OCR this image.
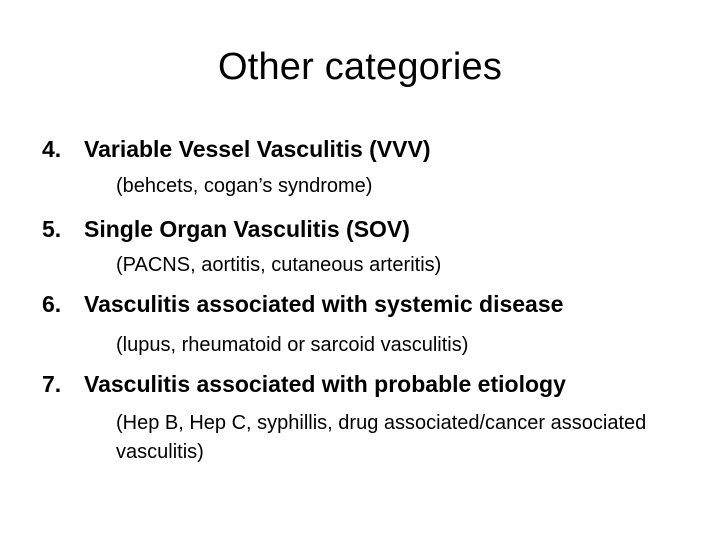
Other categories
4. Variable Vessel Vasculitis (VVV)
(behcets, cogan’s syndrome)
5. Single Organ Vasculitis (SOV)
(PACNS, aortitis, cutaneous arteritis)
6. Vasculitis associated with systemic disease
(lupus, rheumatoid or sarcoid vasculitis)
7. Vasculitis associated with probable etiology
(Hep B, Hep C, syphillis, drug associated/cancer associated vasculitis)
